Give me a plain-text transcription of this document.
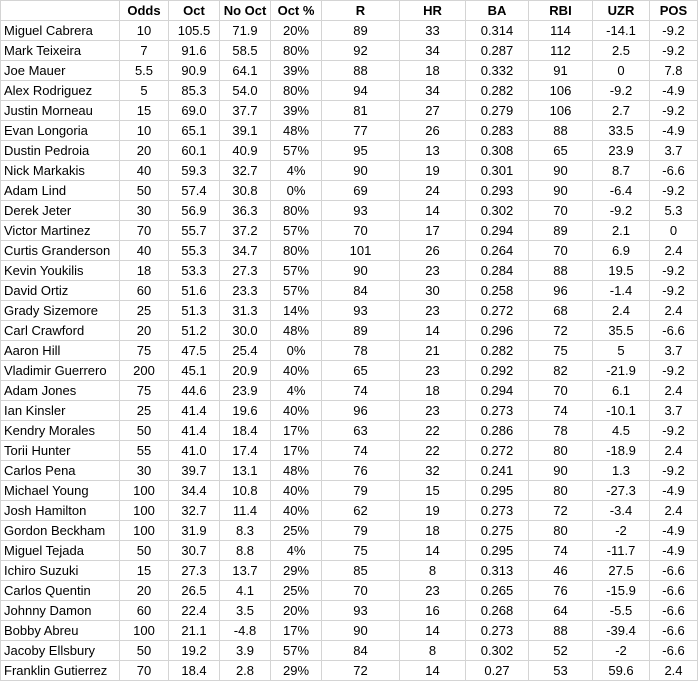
	Odds	Oct	No Oct	Oct %	R	HR	BA	RBI	UZR	POS
Miguel Cabrera	10	105.5	71.9	20%	89	33	0.314	114	-14.1	-9.2
Mark Teixeira	7	91.6	58.5	80%	92	34	0.287	112	2.5	-9.2
Joe Mauer	5.5	90.9	64.1	39%	88	18	0.332	91	0	7.8
Alex Rodriguez	5	85.3	54.0	80%	94	34	0.282	106	-9.2	-4.9
Justin Morneau	15	69.0	37.7	39%	81	27	0.279	106	2.7	-9.2
Evan Longoria	10	65.1	39.1	48%	77	26	0.283	88	33.5	-4.9
Dustin Pedroia	20	60.1	40.9	57%	95	13	0.308	65	23.9	3.7
Nick Markakis	40	59.3	32.7	4%	90	19	0.301	90	8.7	-6.6
Adam Lind	50	57.4	30.8	0%	69	24	0.293	90	-6.4	-9.2
Derek Jeter	30	56.9	36.3	80%	93	14	0.302	70	-9.2	5.3
Victor Martinez	70	55.7	37.2	57%	70	17	0.294	89	2.1	0
Curtis Granderson	40	55.3	34.7	80%	101	26	0.264	70	6.9	2.4
Kevin Youkilis	18	53.3	27.3	57%	90	23	0.284	88	19.5	-9.2
David Ortiz	60	51.6	23.3	57%	84	30	0.258	96	-1.4	-9.2
Grady Sizemore	25	51.3	31.3	14%	93	23	0.272	68	2.4	2.4
Carl Crawford	20	51.2	30.0	48%	89	14	0.296	72	35.5	-6.6
Aaron Hill	75	47.5	25.4	0%	78	21	0.282	75	5	3.7
Vladimir Guerrero	200	45.1	20.9	40%	65	23	0.292	82	-21.9	-9.2
Adam Jones	75	44.6	23.9	4%	74	18	0.294	70	6.1	2.4
Ian Kinsler	25	41.4	19.6	40%	96	23	0.273	74	-10.1	3.7
Kendry Morales	50	41.4	18.4	17%	63	22	0.286	78	4.5	-9.2
Torii Hunter	55	41.0	17.4	17%	74	22	0.272	80	-18.9	2.4
Carlos Pena	30	39.7	13.1	48%	76	32	0.241	90	1.3	-9.2
Michael Young	100	34.4	10.8	40%	79	15	0.295	80	-27.3	-4.9
Josh Hamilton	100	32.7	11.4	40%	62	19	0.273	72	-3.4	2.4
Gordon Beckham	100	31.9	8.3	25%	79	18	0.275	80	-2	-4.9
Miguel Tejada	50	30.7	8.8	4%	75	14	0.295	74	-11.7	-4.9
Ichiro Suzuki	15	27.3	13.7	29%	85	8	0.313	46	27.5	-6.6
Carlos Quentin	20	26.5	4.1	25%	70	23	0.265	76	-15.9	-6.6
Johnny Damon	60	22.4	3.5	20%	93	16	0.268	64	-5.5	-6.6
Bobby Abreu	100	21.1	-4.8	17%	90	14	0.273	88	-39.4	-6.6
Jacoby Ellsbury	50	19.2	3.9	57%	84	8	0.302	52	-2	-6.6
Franklin Gutierrez	70	18.4	2.8	29%	72	14	0.27	53	59.6	2.4
